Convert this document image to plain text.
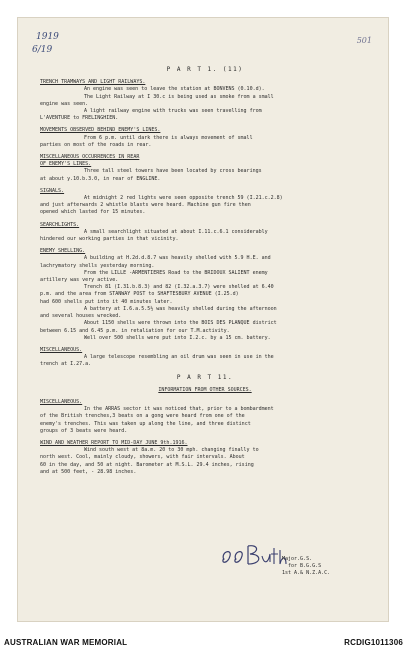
1919
6/19
501
P A R T 1. (11)
TRENCH TRAMWAYS AND LIGHT RAILWAYS.
An engine was seen to leave the station at BONVENS (0.10.d).
The Light Railway at I 30.c is being used as smoke from a small
engine was seen.
A light railway engine with trucks was seen travelling from
L'AVENTURE to FRELINGHIEN.
MOVEMENTS OBSERVED BEHIND ENEMY'S LINES.
From 6 p.m. until dark there is always movement of small
parties on most of the roads in rear.
MISCELLANEOUS OCCURRENCES IN REAR
OF ENEMY'S LINES.
Three tall steel towers have been located by cross bearings
at about y.10.b.3.0, in rear of ENGLINE.
SIGNALS.
At midnight 2 red lights were seen opposite trench 59 (I.21.c.2.8)
and just afterwards 2 whistle blasts were heard. Machine gun fire then
opened which lasted for 15 minutes.
SEARCHLIGHTS.
A small searchlight situated at about I.11.c.6.1 considerably
hindered our working parties in that vicinity.
ENEMY SHELLING.
A building at H.2d.d.8.7 was heavily shelled with 5.9 H.E. and
lachrymatory shells yesterday morning.
From the LILLE -ARMENTIERES Road to the BRIDOUX SALIENT enemy
artillery was very active.
Trench 81 (I.31.b.8.3) and 82 (I.32.a.3.7) were shelled at 6.40
p.m. and the area from STANWAY POST to SHAFTESBURY AVENUE (I.25.d)
had 600 shells put into it 40 minutes later.
A battery at I.6.a.5.5½ was heavily shelled during the afternoon
and several houses wrecked.
About 1150 shells were thrown into the BOIS DES PLANQUE district
between 6.15 and 6.45 p.m. in retaliation for our T.M.activity.
Well over 500 shells were put into I.2.c. by a 15 cm. battery.
MISCELLANEOUS.
A large telescope resembling an oil drum was seen in use in the
trench at I.27.a.
P A R T 11.
INFORMATION FROM OTHER SOURCES.
MISCELLANEOUS.
In the ARRAS sector it was noticed that, prior to a bombardment
of the British trenches,3 beats on a gong were heard from one of the
enemy's trenches. This was taken up along the line, and three distinct
groups of 3 beats were heard.
WIND AND WEATHER REPORT TO MID-DAY JUNE 9th.1916.
Wind south west at 8a.m. 20 to 30 mph. changing finally to
north west. Cool, mainly cloudy, showers, with fair intervals. About
60 in the day, and 50 at night. Barometer at M.S.L. 29.4 inches, rising
and at 500 feet, - 28.98 inches.
Major.G.S.
for B.G.G.S
1st A.& N.Z.A.C.
AUSTRALIAN WAR MEMORIAL	RCDIG1011306
